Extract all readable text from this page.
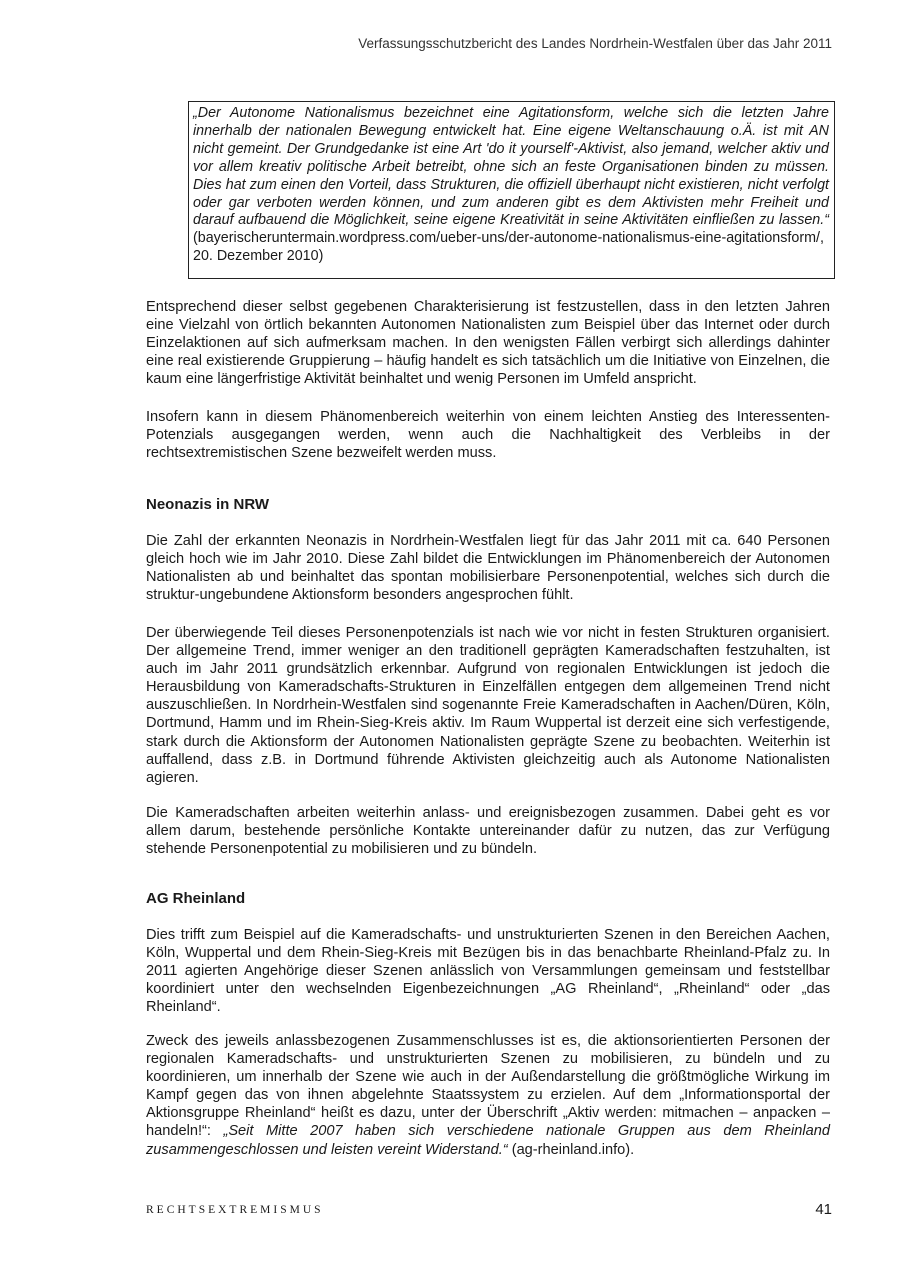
Verfassungsschutzbericht des Landes Nordrhein-Westfalen über das Jahr 2011
„Der Autonome Nationalismus bezeichnet eine Agitationsform, welche sich die letzten Jahre innerhalb der nationalen Bewegung entwickelt hat. Eine eigene Weltanschauung o.Ä. ist mit AN nicht gemeint. Der Grundgedanke ist eine Art 'do it yourself'-Aktivist, also jemand, welcher aktiv und vor allem kreativ politische Arbeit betreibt, ohne sich an feste Organisationen binden zu müssen. Dies hat zum einen den Vorteil, dass Strukturen, die offiziell überhaupt nicht existieren, nicht verfolgt oder gar verboten werden können, und zum anderen gibt es dem Aktivisten mehr Freiheit und darauf aufbauend die Möglichkeit, seine eigene Kreativität in seine Aktivitäten einfließen zu lassen.“ (bayerischeruntermain.wordpress.com/ueber-uns/der-autonome-nationalismus-eine-agitationsform/, 20. Dezember 2010)

Entsprechend dieser selbst gegebenen Charakterisierung ist festzustellen, dass in den letzten Jahren eine Vielzahl von örtlich bekannten Autonomen Nationalisten zum Beispiel über das Internet oder durch Einzelaktionen auf sich aufmerksam machen. In den wenigsten Fällen verbirgt sich allerdings dahinter eine real existierende Gruppierung – häufig handelt es sich tatsächlich um die Initiative von Einzelnen, die kaum eine längerfristige Aktivität beinhaltet und wenig Personen im Umfeld anspricht.

Insofern kann in diesem Phänomenbereich weiterhin von einem leichten Anstieg des Interessenten-Potenzials ausgegangen werden, wenn auch die Nachhaltigkeit des Verbleibs in der rechtsextremistischen Szene bezweifelt werden muss.

Neonazis in NRW

Die Zahl der erkannten Neonazis in Nordrhein-Westfalen liegt für das Jahr 2011 mit ca. 640 Personen gleich hoch wie im Jahr 2010. Diese Zahl bildet die Entwicklungen im Phänomenbereich der Autonomen Nationalisten ab und beinhaltet das spontan mobilisierbare Personenpotential, welches sich durch die struktur-ungebundene Aktionsform besonders angesprochen fühlt.

Der überwiegende Teil dieses Personenpotenzials ist nach wie vor nicht in festen Strukturen organisiert. Der allgemeine Trend, immer weniger an den traditionell geprägten Kameradschaften festzuhalten, ist auch im Jahr 2011 grundsätzlich erkennbar. Aufgrund von regionalen Entwicklungen ist jedoch die Herausbildung von Kameradschafts-Strukturen in Einzelfällen entgegen dem allgemeinen Trend nicht auszuschließen. In Nordrhein-Westfalen sind sogenannte Freie Kameradschaften in Aachen/Düren, Köln, Dortmund, Hamm und im Rhein-Sieg-Kreis aktiv. Im Raum Wuppertal ist derzeit eine sich verfestigende, stark durch die Aktionsform der Autonomen Nationalisten geprägte Szene zu beobachten. Weiterhin ist auffallend, dass z.B. in Dortmund führende Aktivisten gleichzeitig auch als Autonome Nationalisten agieren.

Die Kameradschaften arbeiten weiterhin anlass- und ereignisbezogen zusammen. Dabei geht es vor allem darum, bestehende persönliche Kontakte untereinander dafür zu nutzen, das zur Verfügung stehende Personenpotential zu mobilisieren und zu bündeln.

AG Rheinland

Dies trifft zum Beispiel auf die Kameradschafts- und unstrukturierten Szenen in den Bereichen Aachen, Köln, Wuppertal und dem Rhein-Sieg-Kreis mit Bezügen bis in das benachbarte Rheinland-Pfalz zu. In 2011 agierten Angehörige dieser Szenen anlässlich von Versammlungen gemeinsam und feststellbar koordiniert unter den wechselnden Eigenbezeichnungen „AG Rheinland“, „Rheinland“ oder „das Rheinland“.

Zweck des jeweils anlassbezogenen Zusammenschlusses ist es, die aktionsorientierten Personen der regionalen Kameradschafts- und unstrukturierten Szenen zu mobilisieren, zu bündeln und zu koordinieren, um innerhalb der Szene wie auch in der Außendarstellung die größtmögliche Wirkung im Kampf gegen das von ihnen abgelehnte Staatssystem zu erzielen. Auf dem „Informationsportal der Aktionsgruppe Rheinland“ heißt es dazu, unter der Überschrift „Aktiv werden: mitmachen – anpacken – handeln!“: „Seit Mitte 2007 haben sich verschiedene nationale Gruppen aus dem Rheinland zusammengeschlossen und leisten vereint Widerstand.“ (ag-rheinland.info).

RECHTSEXTREMISMUS	41
